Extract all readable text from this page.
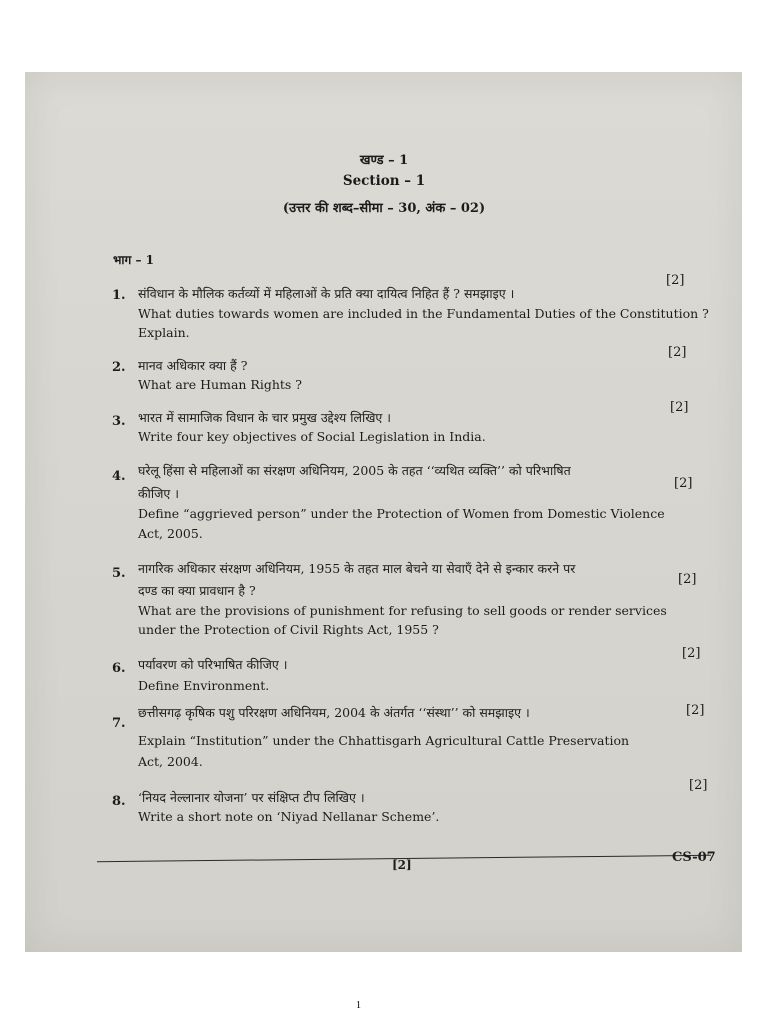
खण्ड – 1
Section – 1
(उत्तर की शब्द–सीमा – 30, अंक – 02)
भाग – 1
1. संविधान के मौलिक कर्तव्यों में महिलाओं के प्रति क्या दायित्व निहित हैं ? समझाइए ।
What duties towards women are included in the Fundamental Duties of the Constitution ?
Explain.
[2]
2. मानव अधिकार क्या हैं ?
What are Human Rights ?
[2]
3. भारत में सामाजिक विधान के चार प्रमुख उद्देश्य लिखिए ।
Write four key objectives of Social Legislation in India.
[2]
4. घरेलू हिंसा से महिलाओं का संरक्षण अधिनियम, 2005 के तहत ‘‘व्यथित व्यक्ति’’ को परिभाषित
कीजिए ।
Define “aggrieved person” under the Protection of Women from Domestic Violence
Act, 2005.
[2]
5. नागरिक अधिकार संरक्षण अधिनियम, 1955 के तहत माल बेचने या सेवाएँ देने से इन्कार करने पर
दण्ड का क्या प्रावधान है ?
What are the provisions of punishment for refusing to sell goods or render services
under the Protection of Civil Rights Act, 1955 ?
[2]
6. पर्यावरण को परिभाषित कीजिए ।
Define Environment.
[2]
7.
छत्तीसगढ़ कृषिक पशु परिरक्षण अधिनियम, 2004 के अंतर्गत ‘‘संस्था’’ को समझाइए ।
Explain “Institution” under the Chhattisgarh Agricultural Cattle Preservation
Act, 2004.
[2]
8. ‘नियद नेल्लानार योजना’ पर संक्षिप्त टीप लिखिए ।
Write a short note on ‘Niyad Nellanar Scheme’.
[2]
[2]	CS-07
1
